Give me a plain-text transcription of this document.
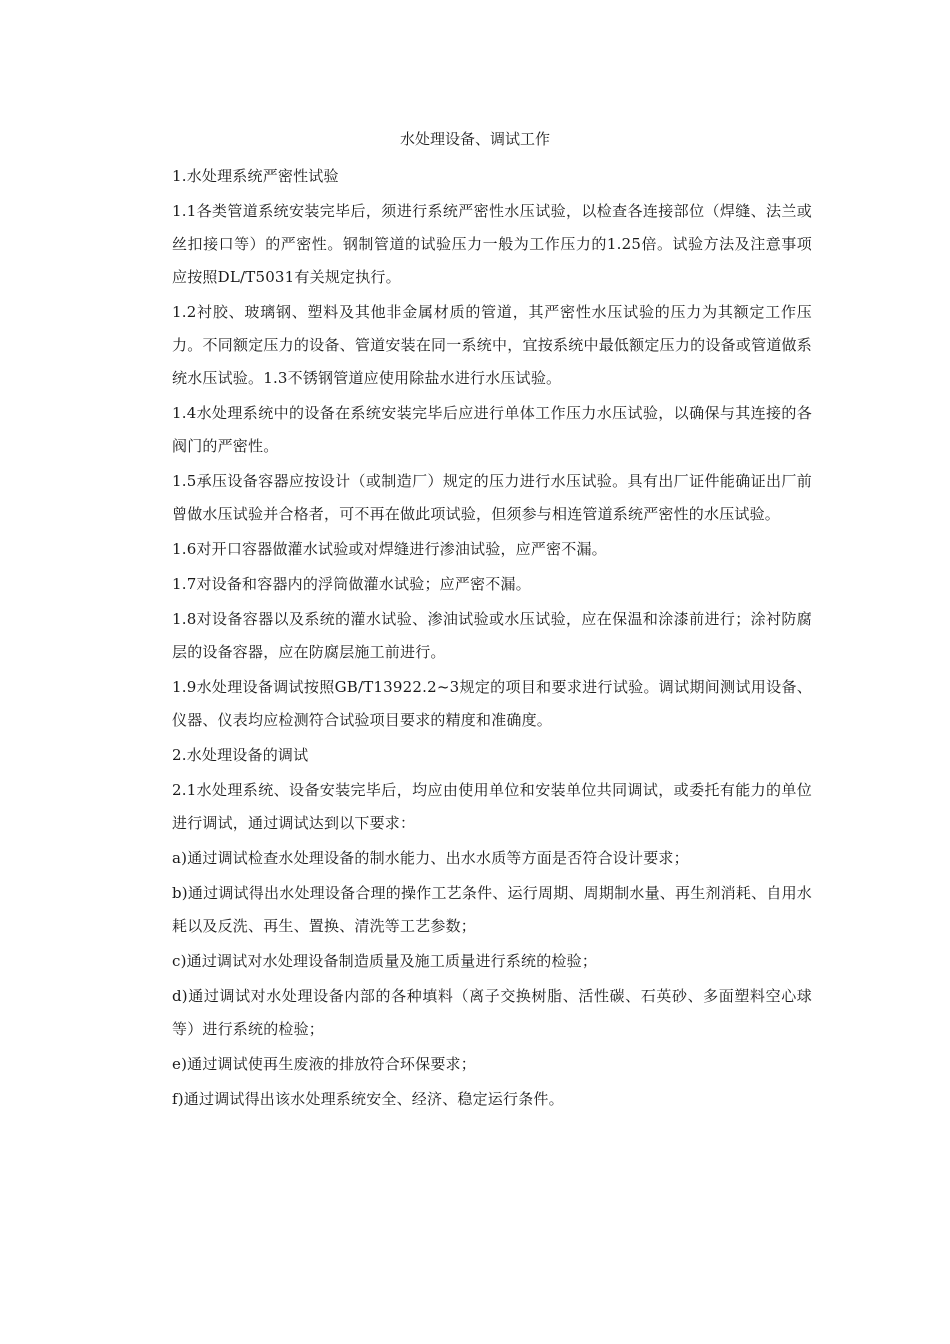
水处理设备、调试工作

1.水处理系统严密性试验

1.1各类管道系统安装完毕后，须进行系统严密性水压试验，以检查各连接部位（焊缝、法兰或丝扣接口等）的严密性。钢制管道的试验压力一般为工作压力的1.25倍。试验方法及注意事项应按照DL/T5031有关规定执行。

1.2衬胶、玻璃钢、塑料及其他非金属材质的管道，其严密性水压试验的压力为其额定工作压力。不同额定压力的设备、管道安装在同一系统中，宜按系统中最低额定压力的设备或管道做系统水压试验。1.3不锈钢管道应使用除盐水进行水压试验。

1.4水处理系统中的设备在系统安装完毕后应进行单体工作压力水压试验，以确保与其连接的各阀门的严密性。

1.5承压设备容器应按设计（或制造厂）规定的压力进行水压试验。具有出厂证件能确证出厂前曾做水压试验并合格者，可不再在做此项试验，但须参与相连管道系统严密性的水压试验。

1.6对开口容器做灌水试验或对焊缝进行渗油试验，应严密不漏。

1.7对设备和容器内的浮筒做灌水试验；应严密不漏。

1.8对设备容器以及系统的灌水试验、渗油试验或水压试验，应在保温和涂漆前进行；涂衬防腐层的设备容器，应在防腐层施工前进行。

1.9水处理设备调试按照GB/T13922.2~3规定的项目和要求进行试验。调试期间测试用设备、仪器、仪表均应检测符合试验项目要求的精度和准确度。

2.水处理设备的调试

2.1水处理系统、设备安装完毕后，均应由使用单位和安装单位共同调试，或委托有能力的单位进行调试，通过调试达到以下要求：

a)通过调试检查水处理设备的制水能力、出水水质等方面是否符合设计要求；

b)通过调试得出水处理设备合理的操作工艺条件、运行周期、周期制水量、再生剂消耗、自用水耗以及反洗、再生、置换、清洗等工艺参数；

c)通过调试对水处理设备制造质量及施工质量进行系统的检验；

d)通过调试对水处理设备内部的各种填料（离子交换树脂、活性碳、石英砂、多面塑料空心球等）进行系统的检验；

e)通过调试使再生废液的排放符合环保要求；

f)通过调试得出该水处理系统安全、经济、稳定运行条件。
